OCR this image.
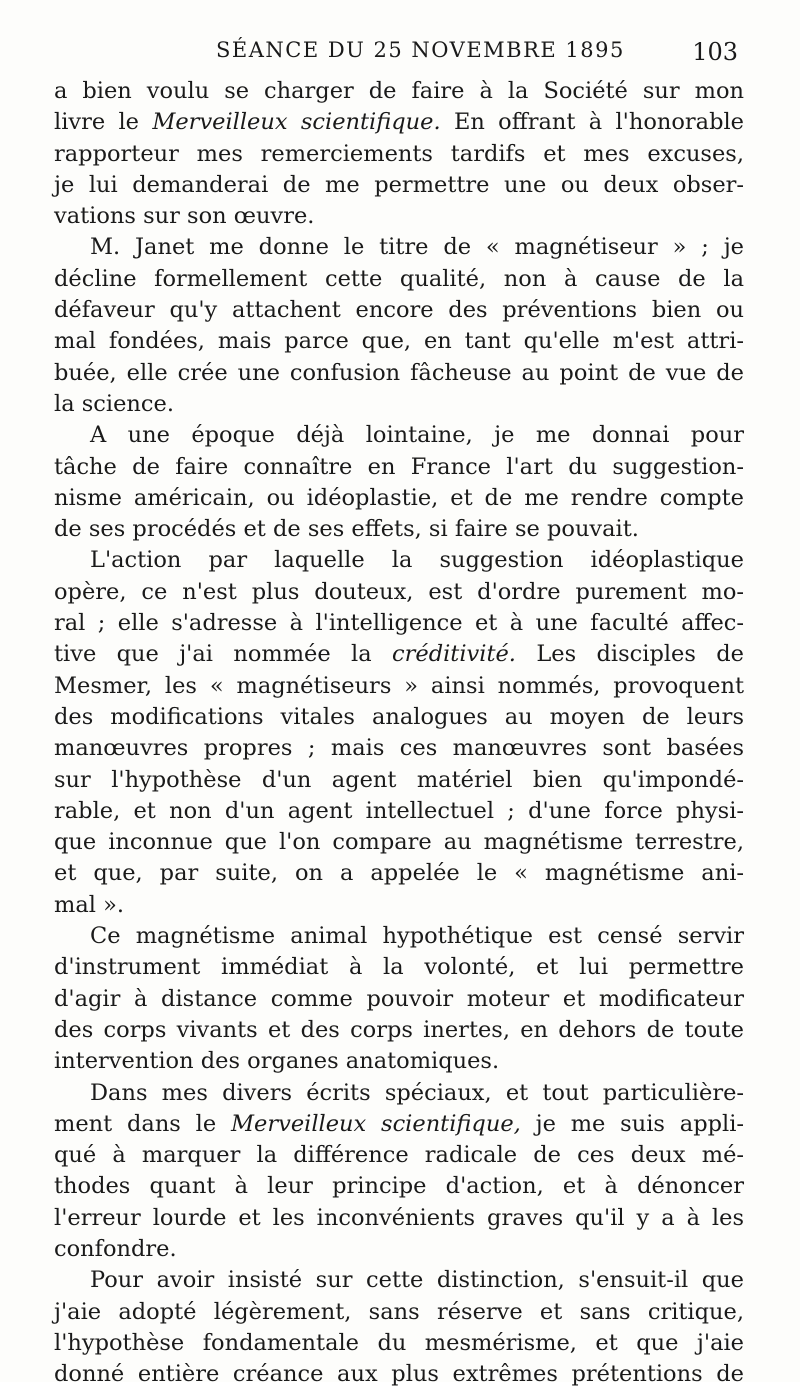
SÉANCE DU 25 NOVEMBRE 1895	103
a bien voulu se charger de faire à la Société sur mon
livre le Merveilleux scientifique. En offrant à l'honorable
rapporteur mes remerciements tardifs et mes excuses,
je lui demanderai de me permettre une ou deux obser-
vations sur son œuvre.
M. Janet me donne le titre de « magnétiseur » ; je
décline formellement cette qualité, non à cause de la
défaveur qu'y attachent encore des préventions bien ou
mal fondées, mais parce que, en tant qu'elle m'est attri-
buée, elle crée une confusion fâcheuse au point de vue de
la science.
A une époque déjà lointaine, je me donnai pour
tâche de faire connaître en France l'art du suggestion-
nisme américain, ou idéoplastie, et de me rendre compte
de ses procédés et de ses effets, si faire se pouvait.
L'action par laquelle la suggestion idéoplastique
opère, ce n'est plus douteux, est d'ordre purement mo-
ral ; elle s'adresse à l'intelligence et à une faculté affec-
tive que j'ai nommée la créditivité. Les disciples de
Mesmer, les « magnétiseurs » ainsi nommés, provoquent
des modifications vitales analogues au moyen de leurs
manœuvres propres ; mais ces manœuvres sont basées
sur l'hypothèse d'un agent matériel bien qu'impondé-
rable, et non d'un agent intellectuel ; d'une force physi-
que inconnue que l'on compare au magnétisme terrestre,
et que, par suite, on a appelée le « magnétisme ani-
mal ».
Ce magnétisme animal hypothétique est censé servir
d'instrument immédiat à la volonté, et lui permettre
d'agir à distance comme pouvoir moteur et modificateur
des corps vivants et des corps inertes, en dehors de toute
intervention des organes anatomiques.
Dans mes divers écrits spéciaux, et tout particulière-
ment dans le Merveilleux scientifique, je me suis appli-
qué à marquer la différence radicale de ces deux mé-
thodes quant à leur principe d'action, et à dénoncer
l'erreur lourde et les inconvénients graves qu'il y a à les
confondre.
Pour avoir insisté sur cette distinction, s'ensuit-il que
j'aie adopté légèrement, sans réserve et sans critique,
l'hypothèse fondamentale du mesmérisme, et que j'aie
donné entière créance aux plus extrêmes prétentions de
